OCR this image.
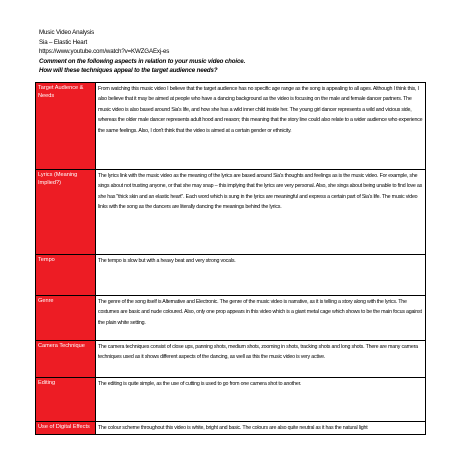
Music Video Analysis
Sia – Elastic Heart
https://www.youtube.com/watch?v=KWZGAExj-es
Comment on the following aspects in relation to your music video choice.
How will these techniques appeal to the target audience needs?
Target Audience & Needs	From watching this music video I believe that the target audience has no specific age range as the song is appealing to all ages. Although I think this, I also believe that it may be aimed at people who have a dancing background as the video is focusing on the male and female dancer partners. The music video is also based around Sia's life, and how she has a wild inner child inside her. The young girl dancer represents a wild and vicious side, whereas the older male dancer represents adult hood and reason; this meaning that the story line could also relate to a wider audience who experience the same feelings. Also, I don't think that the video is aimed at a certain gender or ethnicity.
Lyrics (Meaning Implied?)	The lyrics link with the music video as the meaning of the lyrics are based around Sia's thoughts and feelings as is the music video. For example, she sings about not trusting anyone, or that she may snap – this implying that the lyrics are very personal. Also, she sings about being unable to find love as she has "thick skin and an elastic heart". Each word which is sung in the lyrics are meaningful and express a certain part of Sia's life. The music video links with the song as the dancers are literally dancing the meanings behind the lyrics.
Tempo	The tempo is slow but with a heavy beat and very strong vocals.
Genre	The genre of the song itself is Alternative and Electronic. The genre of the music video is narrative, as it is telling a story along with the lyrics. The costumes are basic and nude coloured. Also, only one prop appears in this video which is a giant metal cage which shows to be the main focus against the plain white setting.
Camera Technique	The camera techniques consist of close ups, panning shots, medium shots, zooming in shots, tracking shots and long shots. There are many camera techniques used as it shows different aspects of the dancing, as well as this the music video is very active.
Editing	The editing is quite simple, as the use of cutting is used to go from one camera shot to another.
Use of Digital Effects	The colour scheme throughout this video is white, bright and basic. The colours are also quite neutral as it has the natural light
